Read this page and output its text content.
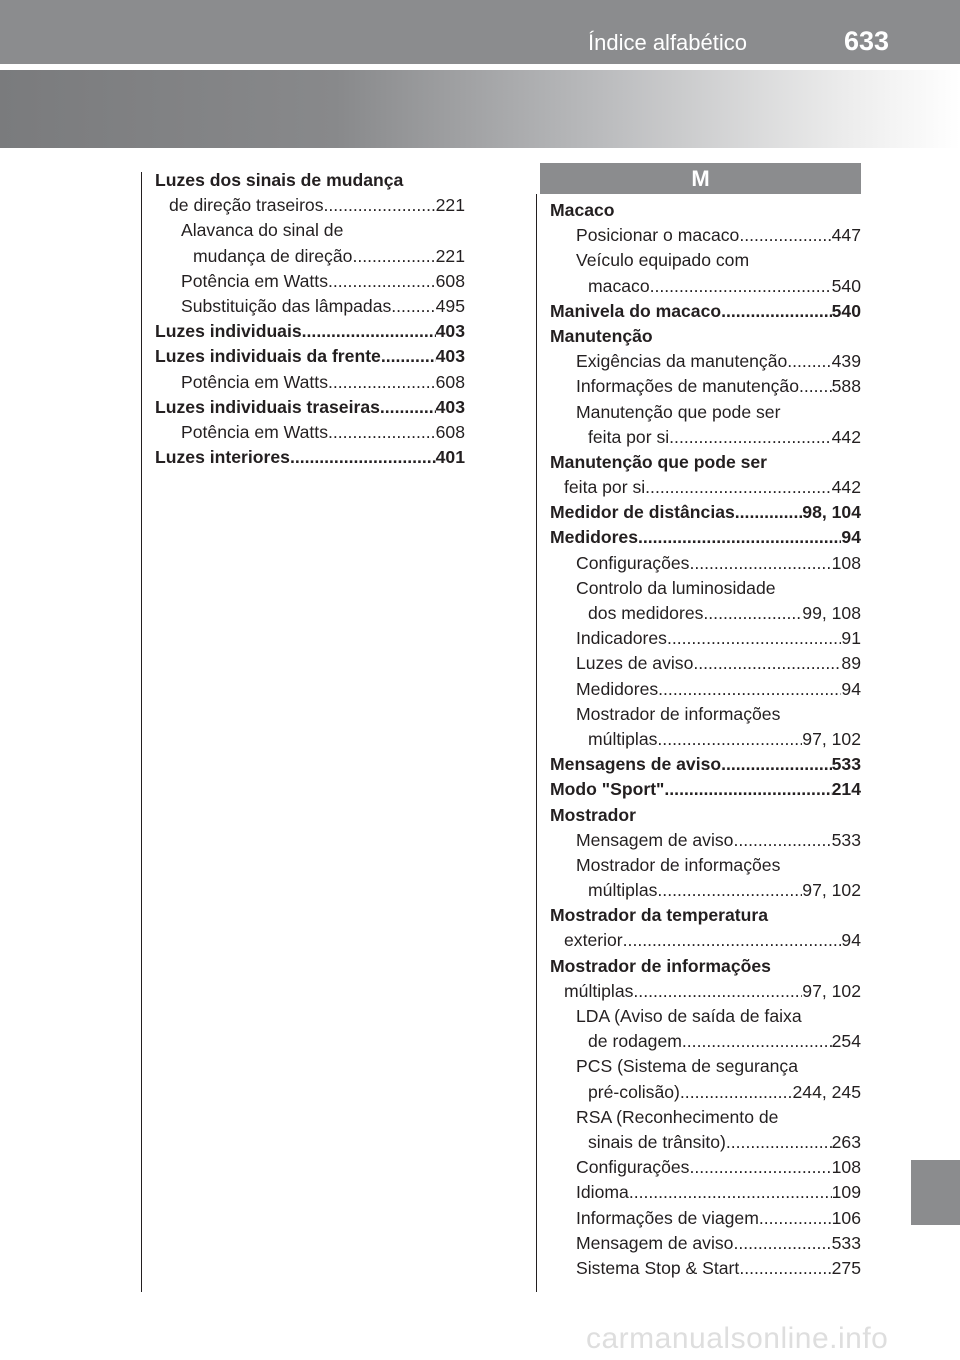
Índice alfabético	633
Luzes dos sinais de mudança
de direção traseiros .....	221
Alavanca do sinal de
mudança de direção .....	221
Potência em Watts .....	608
Substituição das lâmpadas .....	495
Luzes individuais .....	403
Luzes individuais da frente .....	403
Potência em Watts .....	608
Luzes individuais traseiras .....	403
Potência em Watts .....	608
Luzes interiores .....	401
M
Macaco
Posicionar o macaco .....	447
Veículo equipado com
macaco .....	540
Manivela do macaco .....	540
Manutenção
Exigências da manutenção .....	439
Informações de manutenção ..... 588
Manutenção que pode ser
feita por si .....	442
Manutenção que pode ser
feita por si .....	442
Medidor de distâncias .....	98, 104
Medidores .....	94
Configurações .....	108
Controlo da luminosidade
dos medidores .....	99, 108
Indicadores .....	91
Luzes de aviso .....	89
Medidores .....	94
Mostrador de informações
múltiplas .....	97, 102
Mensagens de aviso .....	533
Modo "Sport" .....	214
Mostrador
Mensagem de aviso .....	533
Mostrador de informações
múltiplas .....	97, 102
Mostrador da temperatura
exterior .....	94
Mostrador de informações
múltiplas .....	97, 102
LDA (Aviso de saída de faixa
de rodagem .....	254
PCS (Sistema de segurança
pré-colisão) .....	244, 245
RSA (Reconhecimento de
sinais de trânsito) .....	263
Configurações .....	108
Idioma .....	109
Informações de viagem .....	106
Mensagem de aviso .....	533
Sistema Stop & Start .....	275
carmanualsonline.info
